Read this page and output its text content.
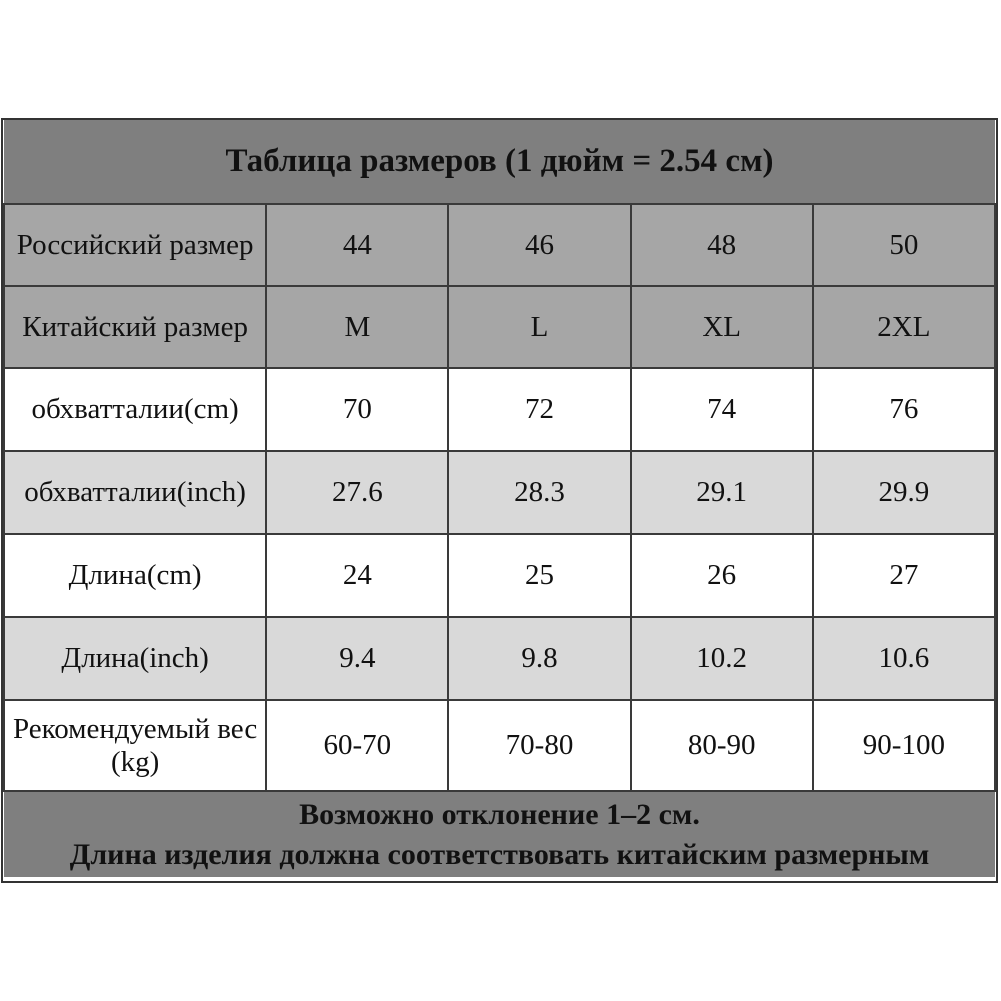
Таблица размеров (1 дюйм = 2.54 см)				
Российский размер	44	46	48	50
Китайский размер	M	L	XL	2XL
обхватталии(cm)	70	72	74	76
обхватталии(inch)	27.6	28.3	29.1	29.9
Длина(cm)	24	25	26	27
Длина(inch)	9.4	9.8	10.2	10.6
Рекомендуемый вес (kg)	60-70	70-80	80-90	90-100

Возможно отклонение 1–2 см.
Длина изделия должна соответствовать китайским размерным				
